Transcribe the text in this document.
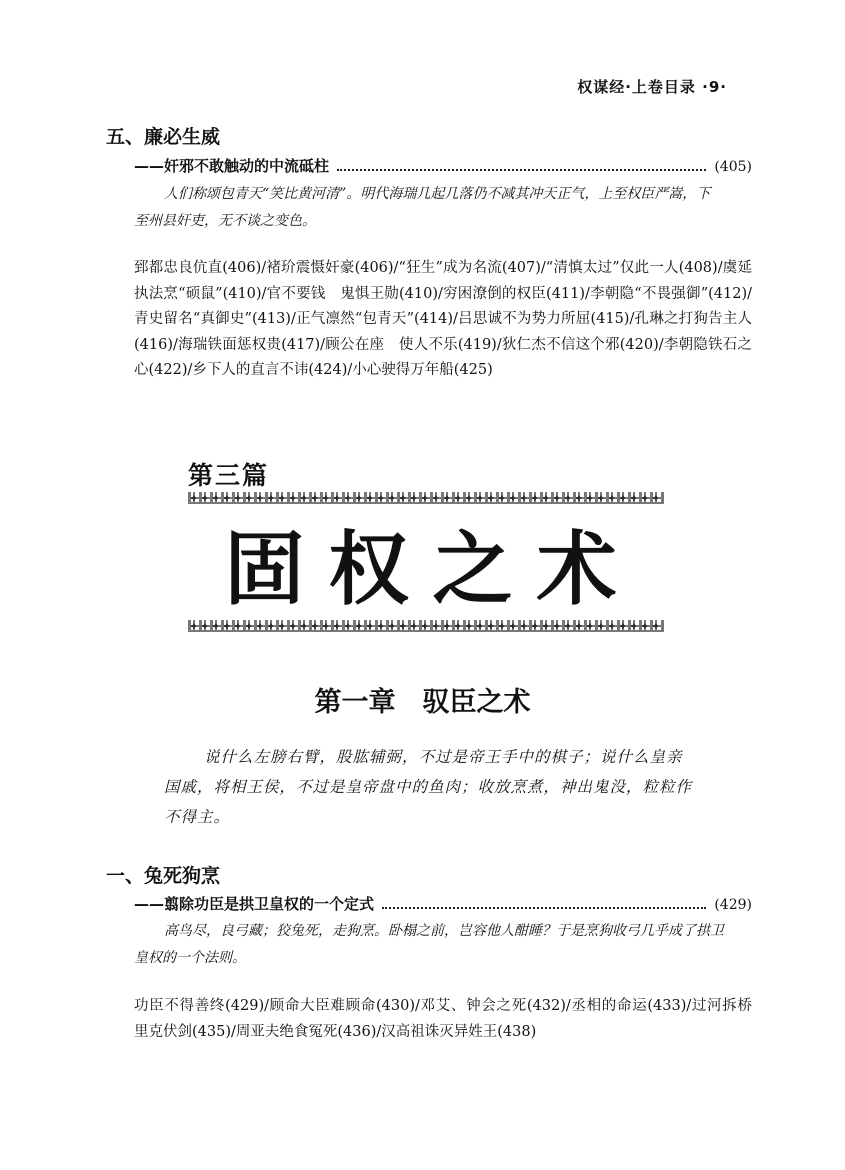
权谋经·上卷目录 ·9·
五、廉必生威
——奸邪不敢触动的中流砥柱	(405)
人们称颂包青天“笑比黄河清”。明代海瑞几起几落仍不减其冲天正气，上至权臣严嵩，下至州县奸吏，无不谈之变色。
郅都忠良伉直(406)/褚玠震慑奸豪(406)/“狂生”成为名流(407)/“清慎太过”仅此一人(408)/虞延执法烹“硕鼠”(410)/官不要钱　鬼惧王勋(410)/穷困潦倒的权臣(411)/李朝隐“不畏强御”(412)/青史留名“真御史”(413)/正气凛然“包青天”(414)/吕思诚不为势力所屈(415)/孔琳之打狗告主人(416)/海瑞铁面惩权贵(417)/顾公在座　使人不乐(419)/狄仁杰不信这个邪(420)/李朝隐铁石之心(422)/乡下人的直言不讳(424)/小心驶得万年船(425)
第三篇
固权之术
第一章　驭臣之术
说什么左膀右臂，股肱辅弼，不过是帝王手中的棋子；说什么皇亲国戚，将相王侯，不过是皇帝盘中的鱼肉；收放烹煮，神出鬼没，粒粒作不得主。
一、兔死狗烹
——翦除功臣是拱卫皇权的一个定式	(429)
高鸟尽，良弓藏；狡兔死，走狗烹。卧榻之前，岂容他人酣睡？于是烹狗收弓几乎成了拱卫皇权的一个法则。
功臣不得善终(429)/顾命大臣难顾命(430)/邓艾、钟会之死(432)/丞相的命运(433)/过河拆桥　里克伏剑(435)/周亚夫绝食冤死(436)/汉高祖诛灭异姓王(438)
